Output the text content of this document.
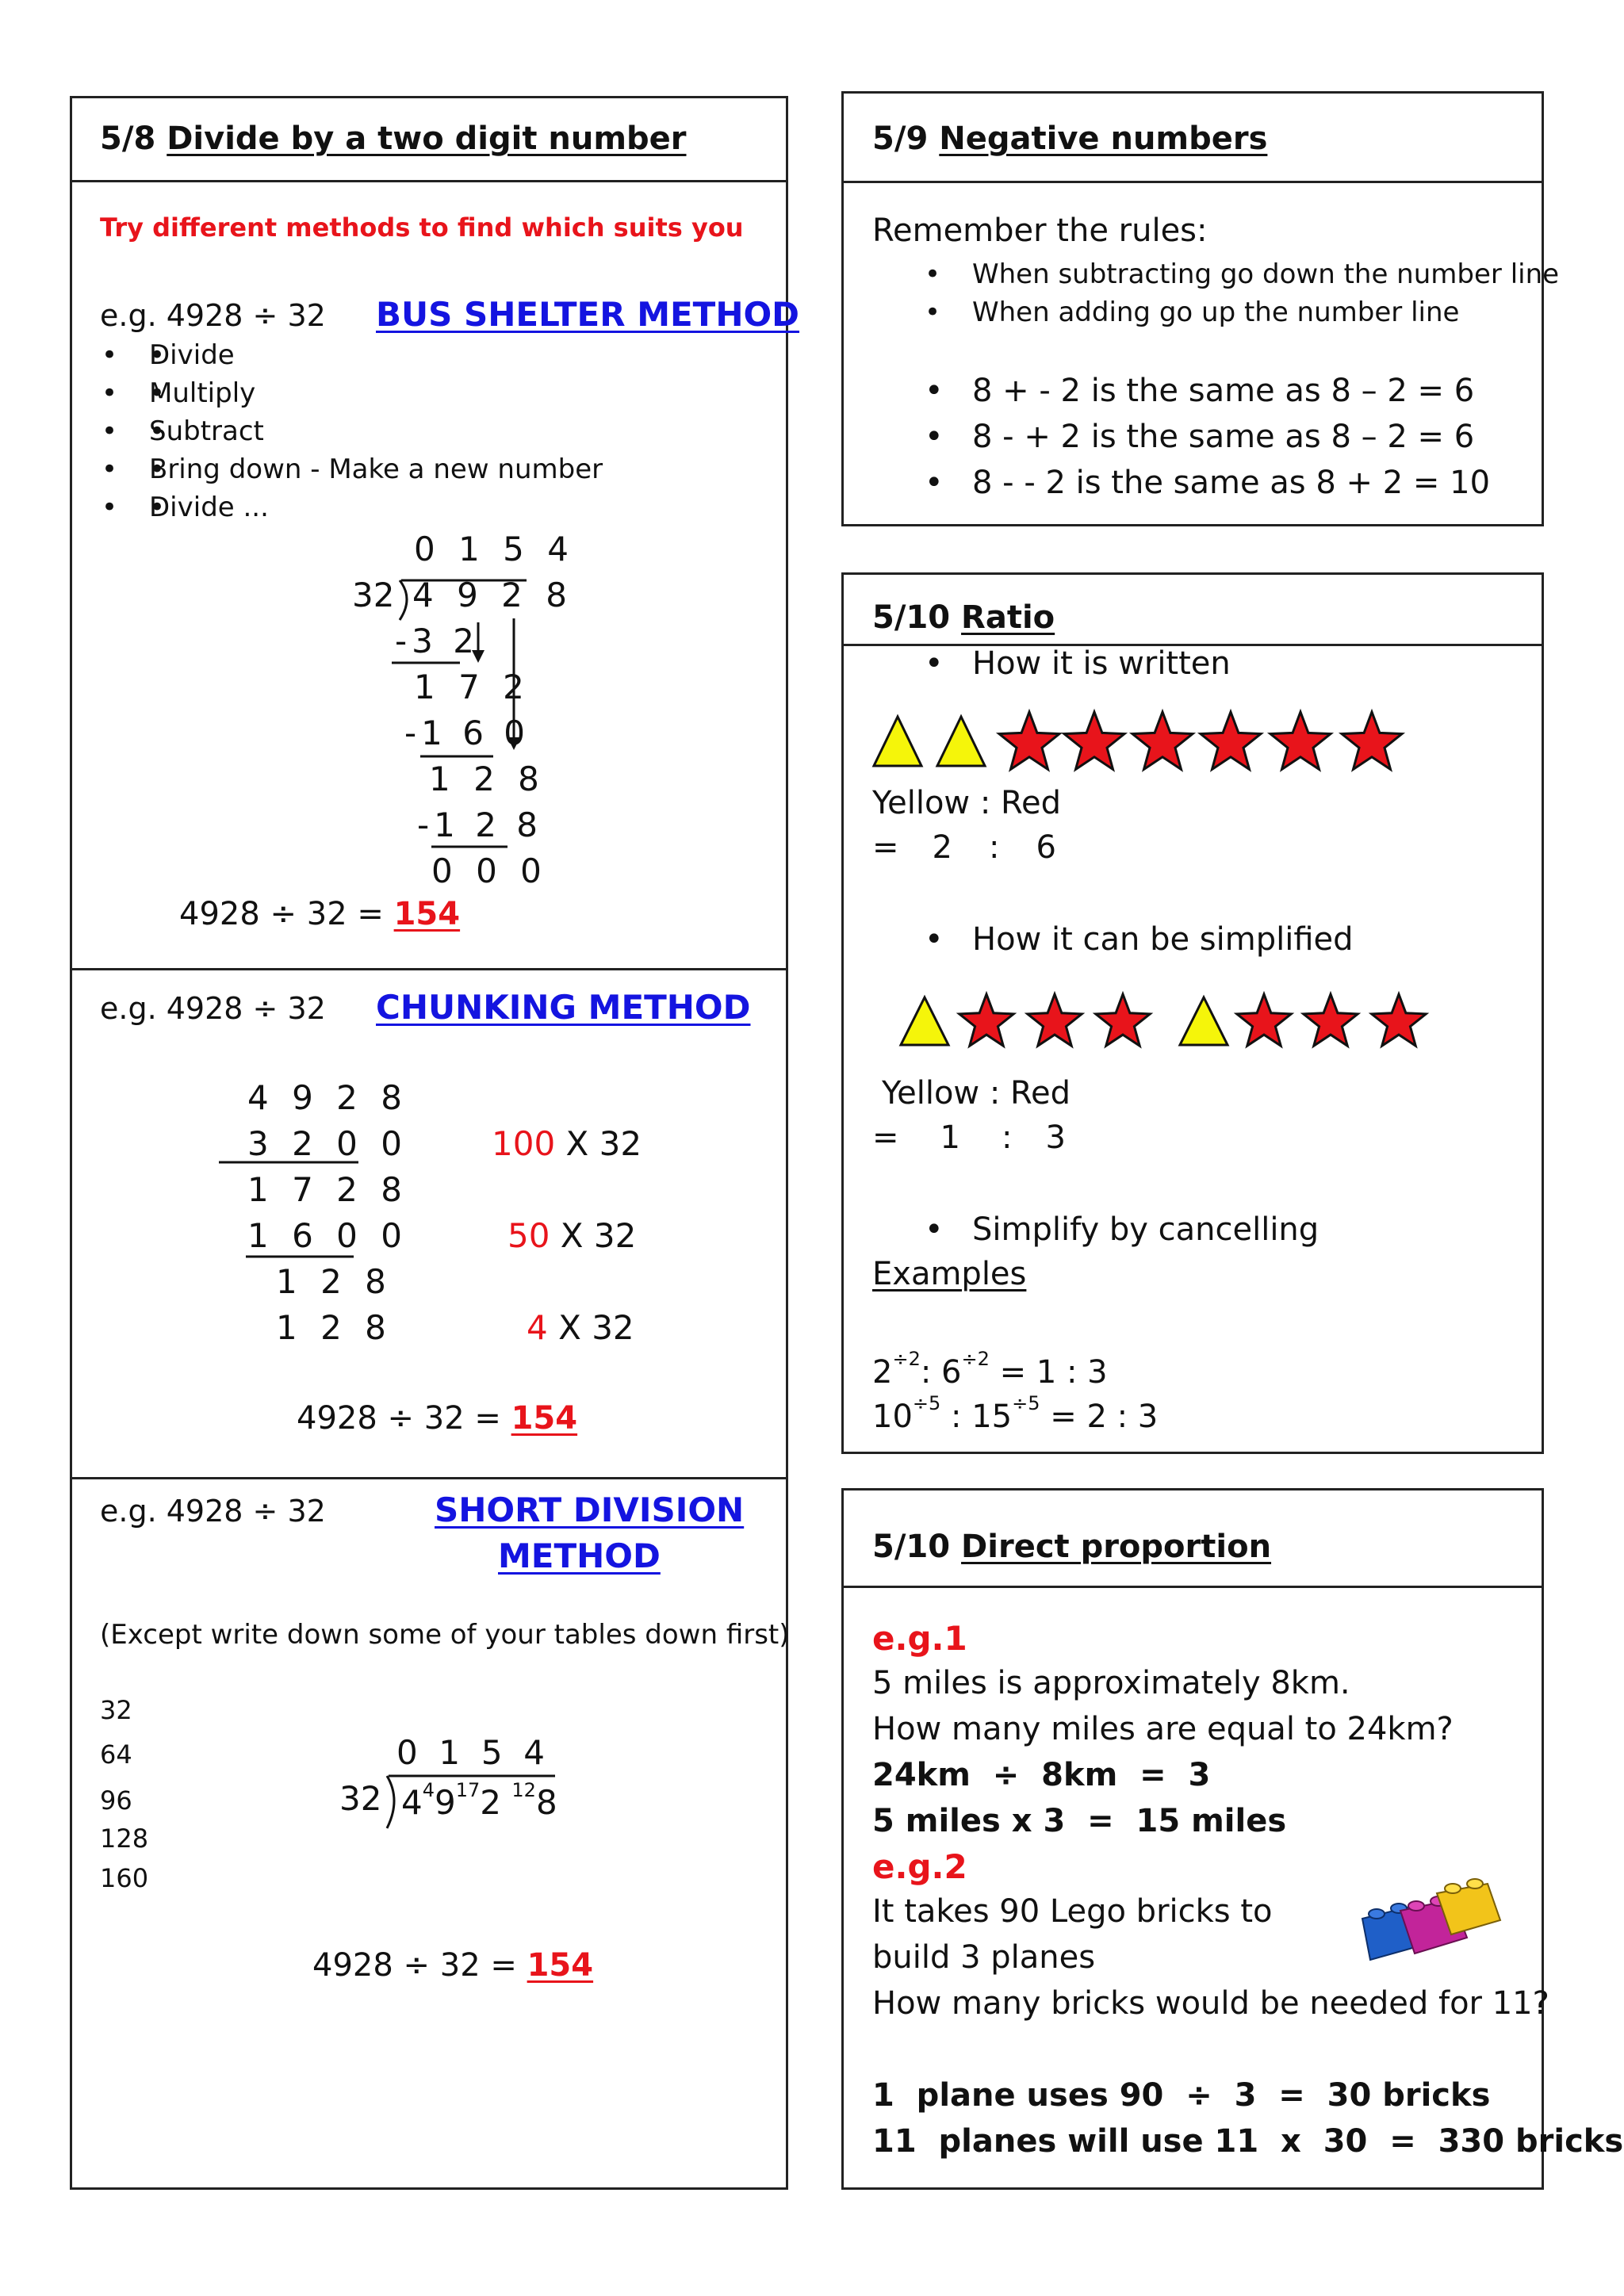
5/8 Divide by a two digit number
Try different methods to find which suits you
e.g. 4928 ÷ 32 BUS SHELTER METHOD
• • Divide
• • Multiply
• • Subtract
• • Bring down - Make a new number
• • Divide ...
0 1 5 4
32 4 9 2 8
-3 2
1 7 2
-1 6 0
1 2 8
-1 2 8
0 0 0
4928 ÷ 32 = 154
e.g. 4928 ÷ 32 CHUNKING METHOD
4 9 2 8
3 2 0 0
1 7 2 8
1 6 0 0
1 2 8
1 2 8
100 X 32
50 X 32
4 X 32
4928 ÷ 32 = 154
e.g. 4928 ÷ 32	SHORT DIVISION
METHOD
(Except write down some of your tables down first)
32
64
96
128
160
0  1  5  4
32 $4^49^{17}2$ $^{12}$8
4928 ÷ 32 = 154
5/9 Negative numbers
Remember the rules:
• When subtracting go down the number line
• When adding go up the number line
• 8 + - 2 is the same as 8 – 2 = 6
• 8 - + 2 is the same as 8 – 2 = 6
• 8 - - 2 is the same as 8 + 2 = 10
5/10 Ratio
• How it is written
Yellow : Red
= 2 : 6
• How it can be simplified
Yellow : Red
= 1 : 3
• Simplify by cancelling
Examples
$2^{\div 2}$: $6^{\div 2} = 1$ : 3
$10^{\div 5}$ : $15^{\div 5} = 2$ : 3
5/10 Direct proportion
e.g.1
5 miles is approximately 8km.
How many miles are equal to 24km?
24km  ÷  8km  =  3
5 miles x 3  =  15 miles
e.g.2
It takes 90 Lego bricks to
build 3 planes
How many bricks would be needed for 11?
1  plane uses 90  ÷  3  =  30 bricks
11  planes will use 11  x  30  =  330 bricks
